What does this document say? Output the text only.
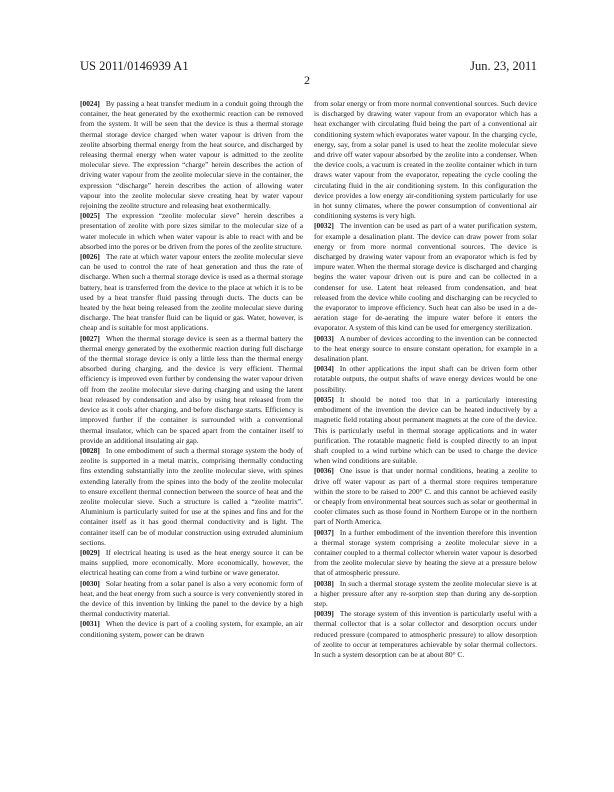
US 2011/0146939 A1	Jun. 23, 2011
2

[0024] By passing a heat transfer medium in a conduit going through the container, the heat generated by the exothermic reaction can be removed from the system. It will be seen that the device is thus a thermal storage thermal storage device charged when water vapour is driven from the zeolite absorbing thermal energy from the heat source, and discharged by releasing thermal energy when water vapour is admitted to the zeolite molecular sieve. The expression “charge” herein describes the action of driving water vapour from the zeolite molecular sieve in the container, the expression “discharge” herein describes the action of allowing water vapour into the zeolite molecular sieve creating heat by water vapour rejoining the zeolite structure and releasing heat exothermically.

[0025] The expression “zeolite molecular sieve” herein describes a presentation of zeolite with pore sizes similar to the molecular size of a water molecule in which when water vapour is able to react with and be absorbed into the pores or be driven from the pores of the zeolite structure.

[0026] The rate at which water vapour enters the zeolite molecular sieve can be used to control the rate of heat generation and thus the rate of discharge. When such a thermal storage device is used as a thermal storage battery, heat is transferred from the device to the place at which it is to be used by a heat transfer fluid passing through ducts. The ducts can be heated by the heat being released from the zeolite molecular sieve during discharge. The heat transfer fluid can be liquid or gas. Water, however, is cheap and is suitable for most applications.

[0027] When the thermal storage device is seen as a thermal battery the thermal energy generated by the exothermic reaction during full discharge of the thermal storage device is only a little less than the thermal energy absorbed during charging, and the device is very efficient. Thermal efficiency is improved even further by condensing the water vapour driven off from the zeolite molecular sieve during charging and using the latent heat released by condensation and also by using heat released from the device as it cools after charging, and before discharge starts. Efficiency is improved further if the container is surrounded with a conventional thermal insulator, which can be spaced apart from the container itself to provide an additional insulating air gap.

[0028] In one embodiment of such a thermal storage system the body of zeolite is supported in a metal matrix, comprising thermally conducting fins extending substantially into the zeolite molecular sieve, with spines extending laterally from the spines into the body of the zeolite molecular to ensure excellent thermal connection between the source of heat and the zeolite molecular sieve. Such a structure is called a “zeolite matrix”. Aluminium is particularly suited for use at the spines and fins and for the container itself as it has good thermal conductivity and is light. The container itself can be of modular construction using extruded aluminium sections.

[0029] If electrical heating is used as the heat energy source it can be mains supplied, more economically. More economically, however, the electrical heating can come from a wind turbine or wave generator.

[0030] Solar heating from a solar panel is also a very economic form of heat, and the heat energy from such a source is very conveniently stored in the device of this invention by linking the panel to the device by a high thermal conductivity material.

[0031] When the device is part of a cooling system, for example, an air conditioning system, power can be drawn

from solar energy or from more normal conventional sources. Such device is discharged by drawing water vapour from an evaporator which has a heat exchanger with circulating fluid being the part of a conventional air conditioning system which evaporates water vapour. In the charging cycle, energy, say, from a solar panel is used to heat the zeolite molecular sieve and drive off water vapour absorbed by the zeolite into a condenser. When the device cools, a vacuum is created in the zeolite container which in turn draws water vapour from the evaporator, repeating the cycle cooling the circulating fluid in the air conditioning system. In this configuration the device provides a low energy air-conditioning system particularly for use in hot sunny climates, where the power consumption of conventional air conditioning systems is very high.

[0032] The invention can be used as part of a water purification system, for example a desalination plant. The device can draw power from solar energy or from more normal conventional sources. The device is discharged by drawing water vapour from an evaporator which is fed by impure water. When the thermal storage device is discharged and charging begins the water vapour driven out is pure and can be collected in a condenser for use. Latent heat released from condensation, and heat released from the device while cooling and discharging can be recycled to the evaporator to improve efficiency. Such heat can also be used in a de-aeration stage for de-aerating the impure water before it enters the evaporator. A system of this kind can be used for emergency sterilization.

[0033] A number of devices according to the invention can be connected to the heat energy source to ensure constant operation, for example in a desalination plant.

[0034] In other applications the input shaft can be driven form other rotatable outputs, the output shafts of wave energy devices would be one possibility.

[0035] It should be noted too that in a particularly interesting embodiment of the invention the device can be heated inductively by a magnetic field rotating about permanent magnets at the core of the device. This is particularly useful in thermal storage applications and in water purification. The rotatable magnetic field is coupled directly to an input shaft coupled to a wind turbine which can be used to charge the device when wind conditions are suitable.

[0036] One issue is that under normal conditions, heating a zeolite to drive off water vapour as part of a thermal store requires temperature within the store to be raised to 200° C. and this cannot be achieved easily or cheaply from environmental heat sources such as solar or geothermal in cooler climates such as those found in Northern Europe or in the northern part of North America.

[0037] In a further embodiment of the invention therefore this invention a thermal storage system comprising a zeolite molecular sieve in a container coupled to a thermal collector wherein water vapour is desorbed from the zeolite molecular sieve by heating the sieve at a pressure below that of atmospheric pressure.

[0038] In such a thermal storage system the zeolite molecular sieve is at a higher pressure after any re-sorption step than during any de-sorption step.

[0039] The storage system of this invention is particularly useful with a thermal collector that is a solar collector and desorption occurs under reduced pressure (compared to atmospheric pressure) to allow desorption of zeolite to occur at temperatures achievable by solar thermal collectors. In such a system desorption can be at about 80° C.
